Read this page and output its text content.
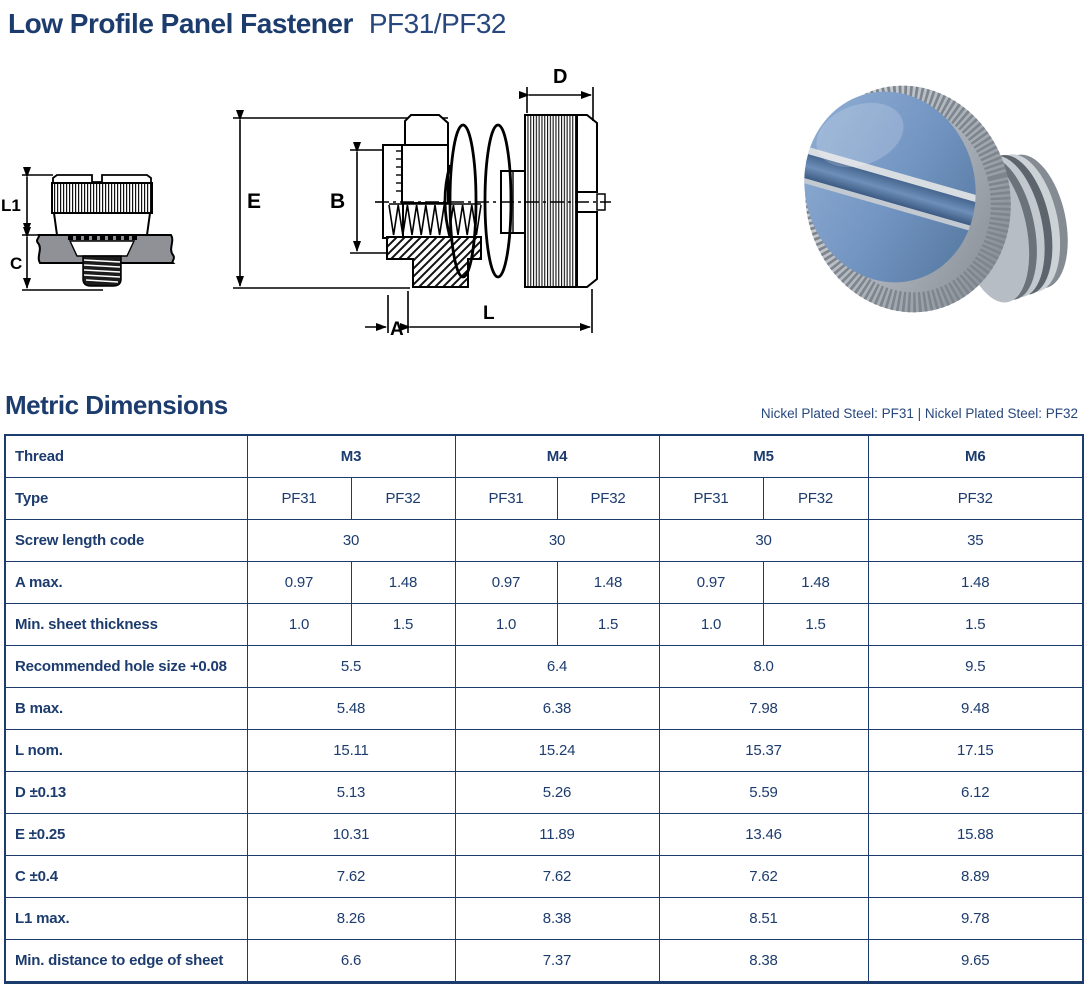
Low Profile Panel Fastener PF31/PF32
L1
C
E	B
D
A
L
Metric Dimensions	Nickel Plated Steel: PF31 | Nickel Plated Steel: PF32
Thread	M3		M4		M5		M6
Type	PF31	PF32	PF31	PF32	PF31	PF32	PF32
Screw length code	30		30		30		35
A max.	0.97	1.48	0.97	1.48	0.97	1.48	1.48
Min. sheet thickness	1.0	1.5	1.0	1.5	1.0	1.5	1.5
Recommended hole size +0.08	5.5		6.4		8.0		9.5
B max.	5.48		6.38		7.98		9.48
L nom.	15.11		15.24		15.37		17.15
D ±0.13	5.13		5.26		5.59		6.12
E ±0.25	10.31		11.89		13.46		15.88
C ±0.4	7.62		7.62		7.62		8.89
L1 max.	8.26		8.38		8.51		9.78
Min. distance to edge of sheet	6.6		7.37		8.38		9.65
